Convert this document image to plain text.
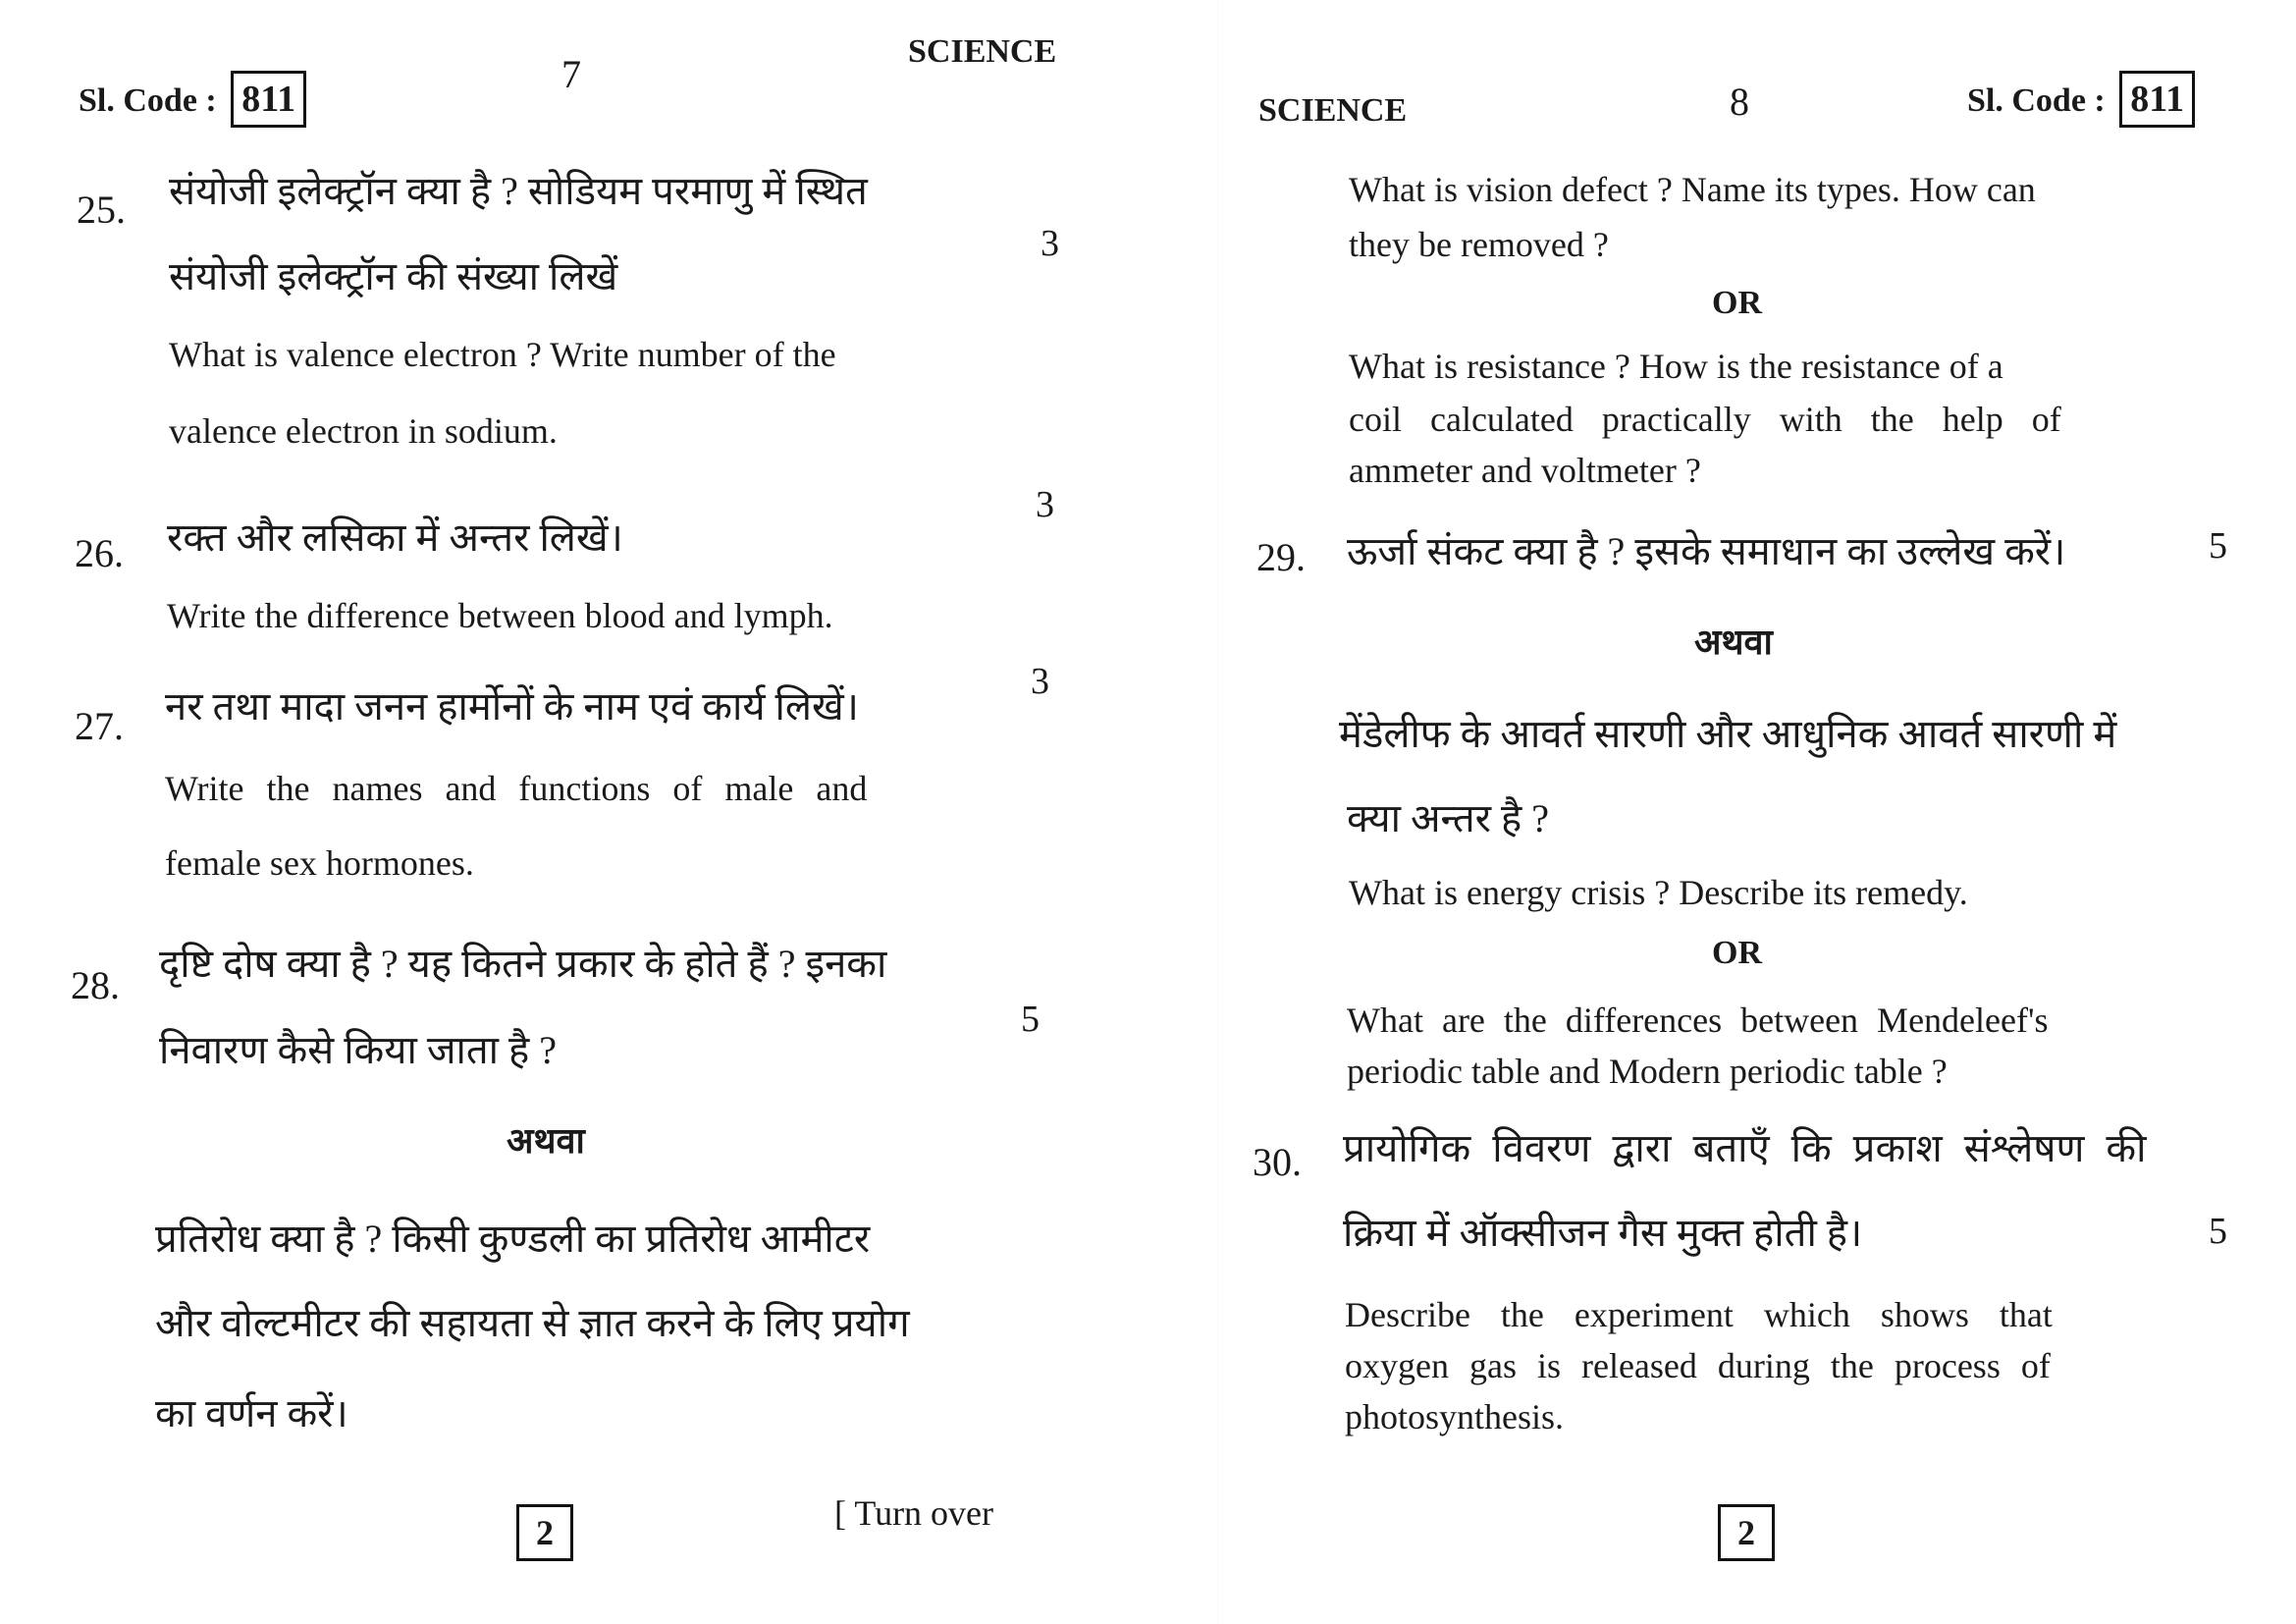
Sl. Code : 811
7
SCIENCE
25. संयोजी इलेक्ट्रॉन क्या है ? सोडियम परमाणु में स्थित
संयोजी इलेक्ट्रॉन की संख्या लिखें
3
What is valence electron ? Write number of the
valence electron in sodium.
3
26. रक्त और लसिका में अन्तर लिखें।
Write the difference between blood and lymph.
27. नर तथा मादा जनन हार्मोनों के नाम एवं कार्य लिखें।
3
Write the names and functions of male and
female sex hormones.
28. दृष्टि दोष क्या है ? यह कितने प्रकार के होते हैं ? इनका
निवारण कैसे किया जाता है ?
5
अथवा
प्रतिरोध क्या है ? किसी कुण्डली का प्रतिरोध आमीटर
और वोल्टमीटर की सहायता से ज्ञात करने के लिए प्रयोग
का वर्णन करें।
2	[ Turn over
SCIENCE	8	Sl. Code : 811
What is vision defect ? Name its types. How can
they be removed ?
OR
What is resistance ? How is the resistance of a
coil calculated practically with the help of
ammeter and voltmeter ?
29. ऊर्जा संकट क्या है ? इसके समाधान का उल्लेख करें।	5
अथवा
मेंडेलीफ के आवर्त सारणी और आधुनिक आवर्त सारणी में
क्या अन्तर है ?
What is energy crisis ? Describe its remedy.
OR
What are the differences between Mendeleef's
periodic table and Modern periodic table ?
30. प्रायोगिक विवरण द्वारा बताएँ कि प्रकाश संश्लेषण की
क्रिया में ऑक्सीजन गैस मुक्त होती है।	5
Describe the experiment which shows that
oxygen gas is released during the process of
photosynthesis.
2
